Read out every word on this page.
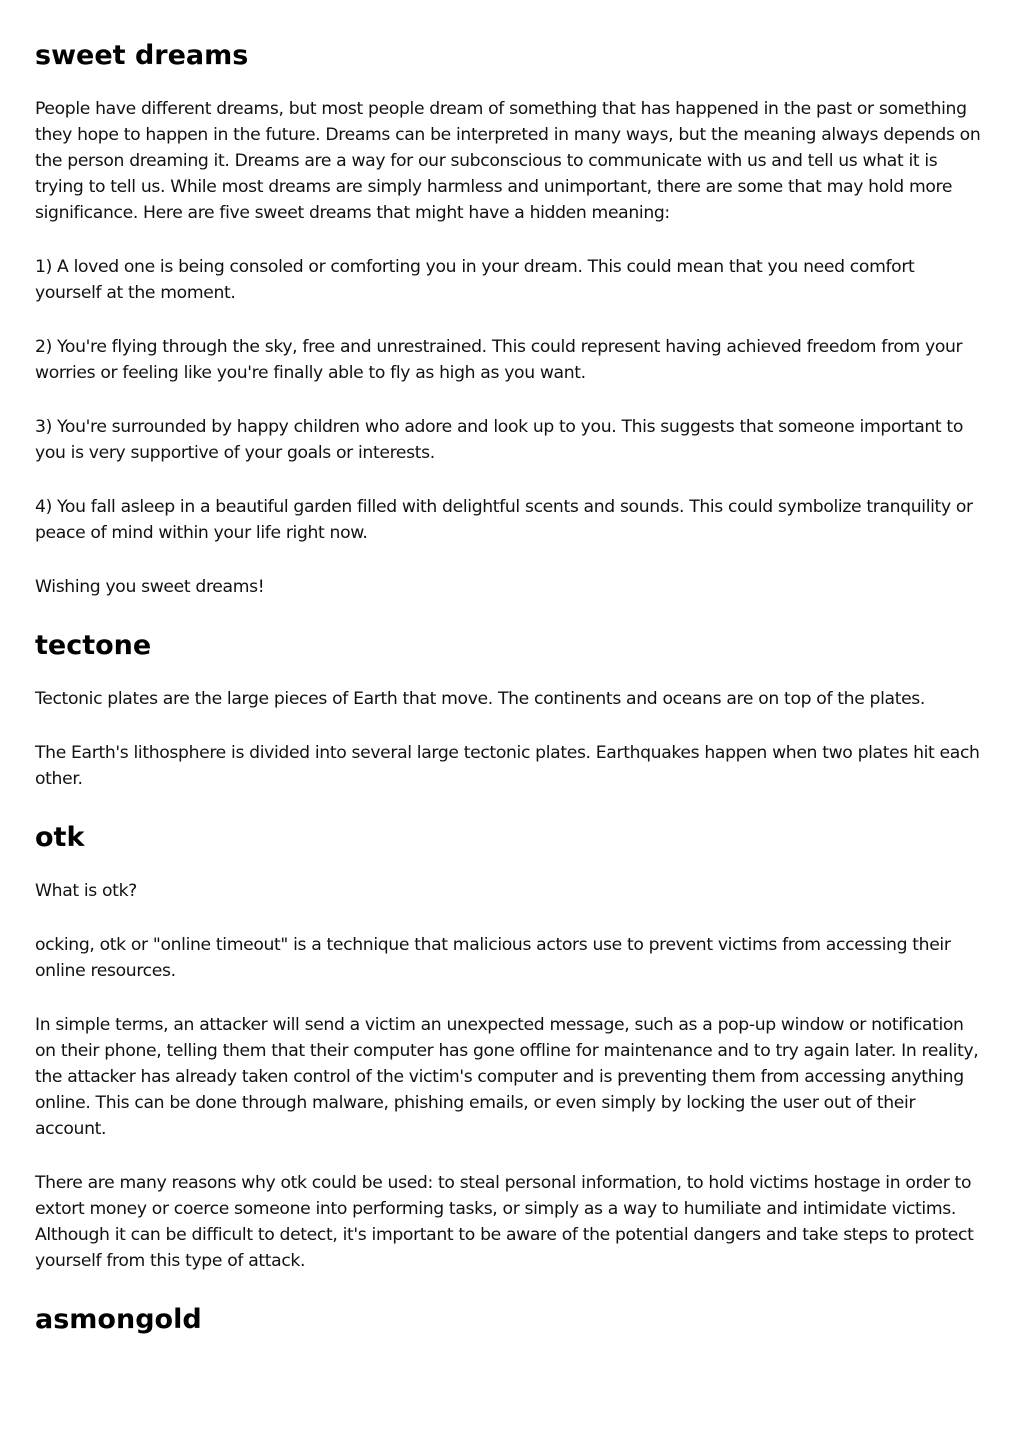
sweet dreams

People have different dreams, but most people dream of something that has happened in the past or something they hope to happen in the future. Dreams can be interpreted in many ways, but the meaning always depends on the person dreaming it. Dreams are a way for our subconscious to communicate with us and tell us what it is trying to tell us. While most dreams are simply harmless and unimportant, there are some that may hold more significance. Here are five sweet dreams that might have a hidden meaning:

1) A loved one is being consoled or comforting you in your dream. This could mean that you need comfort yourself at the moment.

2) You're flying through the sky, free and unrestrained. This could represent having achieved freedom from your worries or feeling like you're finally able to fly as high as you want.

3) You're surrounded by happy children who adore and look up to you. This suggests that someone important to you is very supportive of your goals or interests.

4) You fall asleep in a beautiful garden filled with delightful scents and sounds. This could symbolize tranquility or peace of mind within your life right now.

Wishing you sweet dreams!

tectone

Tectonic plates are the large pieces of Earth that move. The continents and oceans are on top of the plates.

The Earth's lithosphere is divided into several large tectonic plates. Earthquakes happen when two plates hit each other.

otk

What is otk?

ocking, otk or "online timeout" is a technique that malicious actors use to prevent victims from accessing their online resources.

In simple terms, an attacker will send a victim an unexpected message, such as a pop-up window or notification on their phone, telling them that their computer has gone offline for maintenance and to try again later. In reality, the attacker has already taken control of the victim's computer and is preventing them from accessing anything online. This can be done through malware, phishing emails, or even simply by locking the user out of their account.

There are many reasons why otk could be used: to steal personal information, to hold victims hostage in order to extort money or coerce someone into performing tasks, or simply as a way to humiliate and intimidate victims. Although it can be difficult to detect, it's important to be aware of the potential dangers and take steps to protect yourself from this type of attack.

asmongold
